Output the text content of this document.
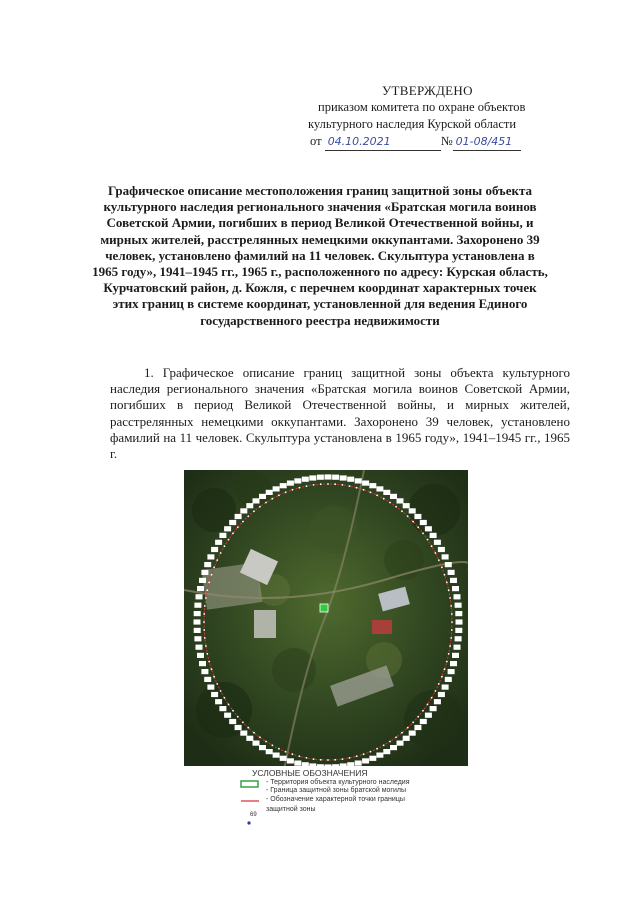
УТВЕРЖДЕНО
приказом комитета по охране объектов
культурного наследия Курской области
от
04.10.2021	№ 01-08/451
Графическое описание местоположения границ защитной зоны объекта культурного наследия регионального значения «Братская могила воинов Советской Армии, погибших в период Великой Отечественной войны, и мирных жителей, расстрелянных немецкими оккупантами. Захоронено 39 человек, установлено фамилий на 11 человек. Скульптура установлена в 1965 году», 1941–1945 гг., 1965 г., расположенного по адресу: Курская область, Курчатовский район, д. Кожля, с перечнем координат характерных точек этих границ в системе координат, установленной для ведения Единого государственного реестра недвижимости
1. Графическое описание границ защитной зоны объекта культурного наследия регионального значения «Братская могила воинов Советской Армии, погибших в период Великой Отечественной войны, и мирных жителей, расстрелянных немецкими оккупантами. Захоронено 39 человек, установлено фамилий на 11 человек. Скульптура установлена в 1965 году», 1941–1945 гг., 1965 г.
УСЛОВНЫЕ ОБОЗНАЧЕНИЯ
- Территория объекта культурного наследия
- Граница защитной зоны братской могилы
- Обозначение характерной точки границы
защитной зоны
69
